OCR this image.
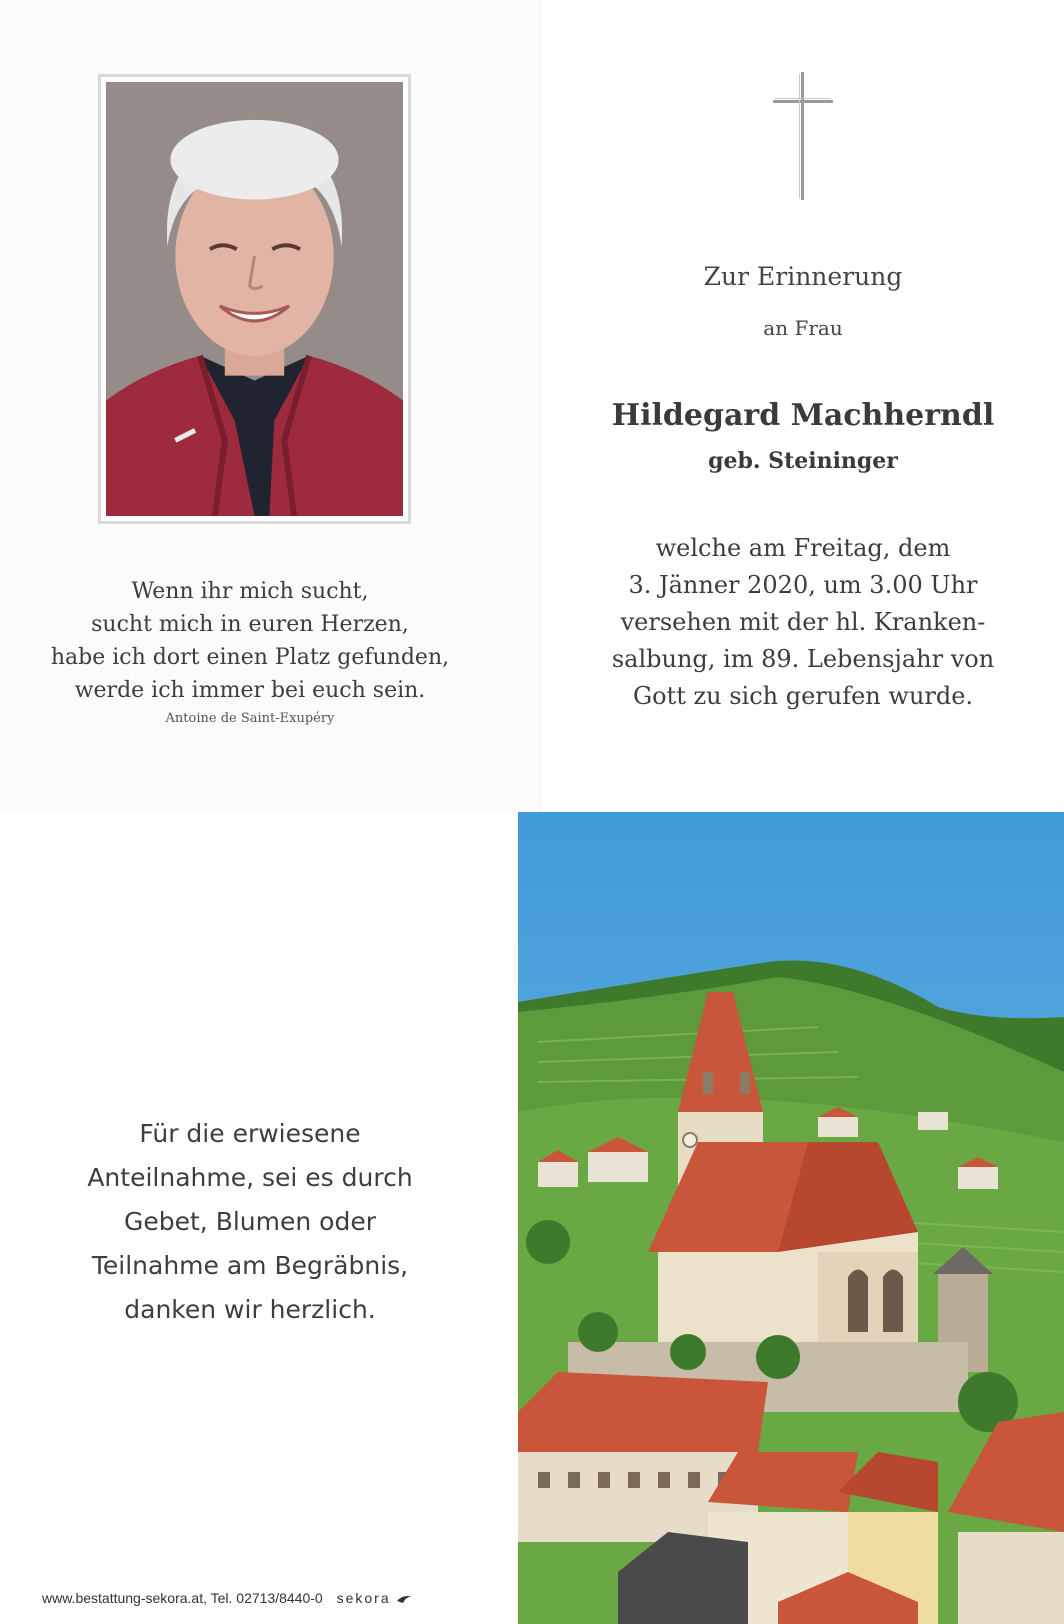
Wenn ihr mich sucht,
sucht mich in euren Herzen,
habe ich dort einen Platz gefunden,
werde ich immer bei euch sein.
Antoine de Saint-Exupéry
Zur Erinnerung
an Frau
Hildegard Machherndl
geb. Steininger
welche am Freitag, dem
3. Jänner 2020, um 3.00 Uhr
versehen mit der hl. Kranken-
salbung, im 89. Lebensjahr von
Gott zu sich gerufen wurde.
Für die erwiesene
Anteilnahme, sei es durch
Gebet, Blumen oder
Teilnahme am Begräbnis,
danken wir herzlich.
www.bestattung-sekora.at, Tel. 02713/8440-0 sekora
